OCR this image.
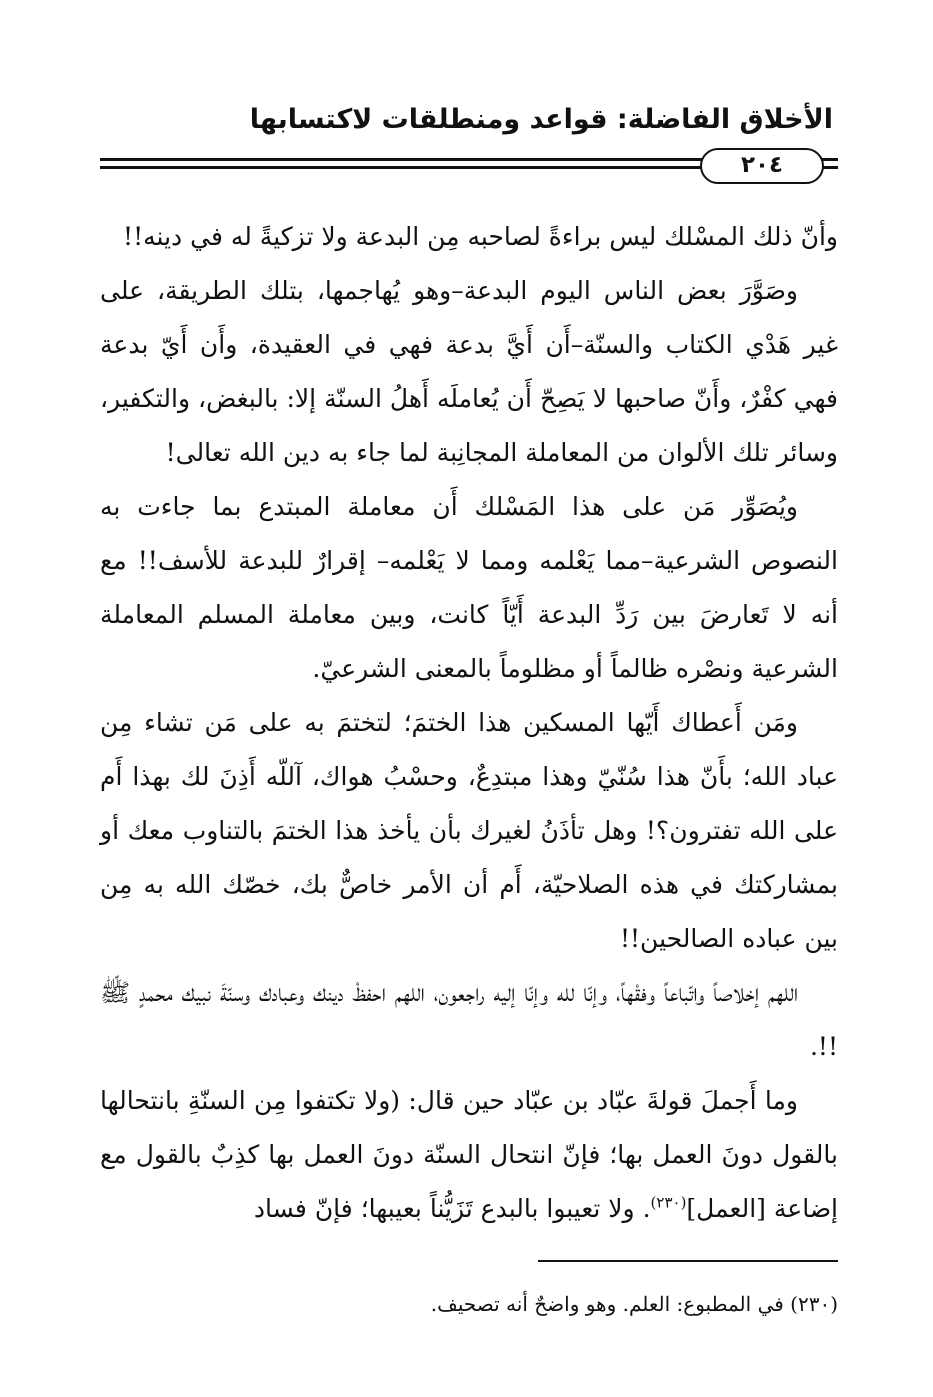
الأخلاق الفاضلة: قواعد ومنطلقات لاكتسابها
٢٠٤

وأنّ ذلك المسْلك ليس براءةً لصاحبه مِن البدعة ولا تزكيةً له في دينه!!

وصَوَّرَ بعض الناس اليوم البدعة–وهو يُهاجمها، بتلك الطريقة، على غير هَدْي الكتاب والسنّة–أَن أَيَّ بدعة فهي في العقيدة، وأَن أَيّ بدعة فهي كفْرٌ، وأَنّ صاحبها لا يَصِحّ أَن يُعاملَه أَهلُ السنّة إلا: بالبغض، والتكفير، وسائر تلك الألوان من المعاملة المجانِبة لما جاء به دين الله تعالى!

ويُصَوِّر مَن على هذا المَسْلك أَن معاملة المبتدع بما جاءت به النصوص الشرعية–مما يَعْلمه ومما لا يَعْلمه– إقرارٌ للبدعة للأسف!! مع أنه لا تَعارضَ بين رَدِّ البدعة أَيّاً كانت، وبين معاملة المسلم المعاملة الشرعية ونصْره ظالماً أو مظلوماً بالمعنى الشرعيّ.

ومَن أَعطاك أَيّها المسكين هذا الختمَ؛ لتختمَ به على مَن تشاء مِن عباد الله؛ بأَنّ هذا سُنّيّ وهذا مبتدِعٌ، وحسْبُ هواك، آللّه أَذِنَ لك بهذا أَم على الله تفترون؟! وهل تأذَنُ لغيرك بأن يأخذ هذا الختمَ بالتناوب معك أو بمشاركتك في هذه الصلاحيّة، أَم أن الأمر خاصٌّ بك، خصّك الله به مِن بين عباده الصالحين!!

اللهم إخلاصاً واتّباعاً وفقْهاً، وإنّا لله وإنّا إليه راجعون، اللهم احفظْ دينك وعبادك وسنّةَ نبيك محمدٍ ﷺ !!.

وما أَجملَ قولةَ عبّاد بن عبّاد حين قال: (ولا تكتفوا مِن السنّةِ بانتحالها بالقول دونَ العمل بها؛ فإنّ انتحال السنّة دونَ العمل بها كذِبٌ بالقول مع إضاعة [العمل]$^{(٢٣٠)}$. ولا تعيبوا بالبدع تَزَيُّناً بعيبها؛ فإنّ فساد

(٢٣٠) في المطبوع: العلم. وهو واضحٌ أنه تصحيف.
